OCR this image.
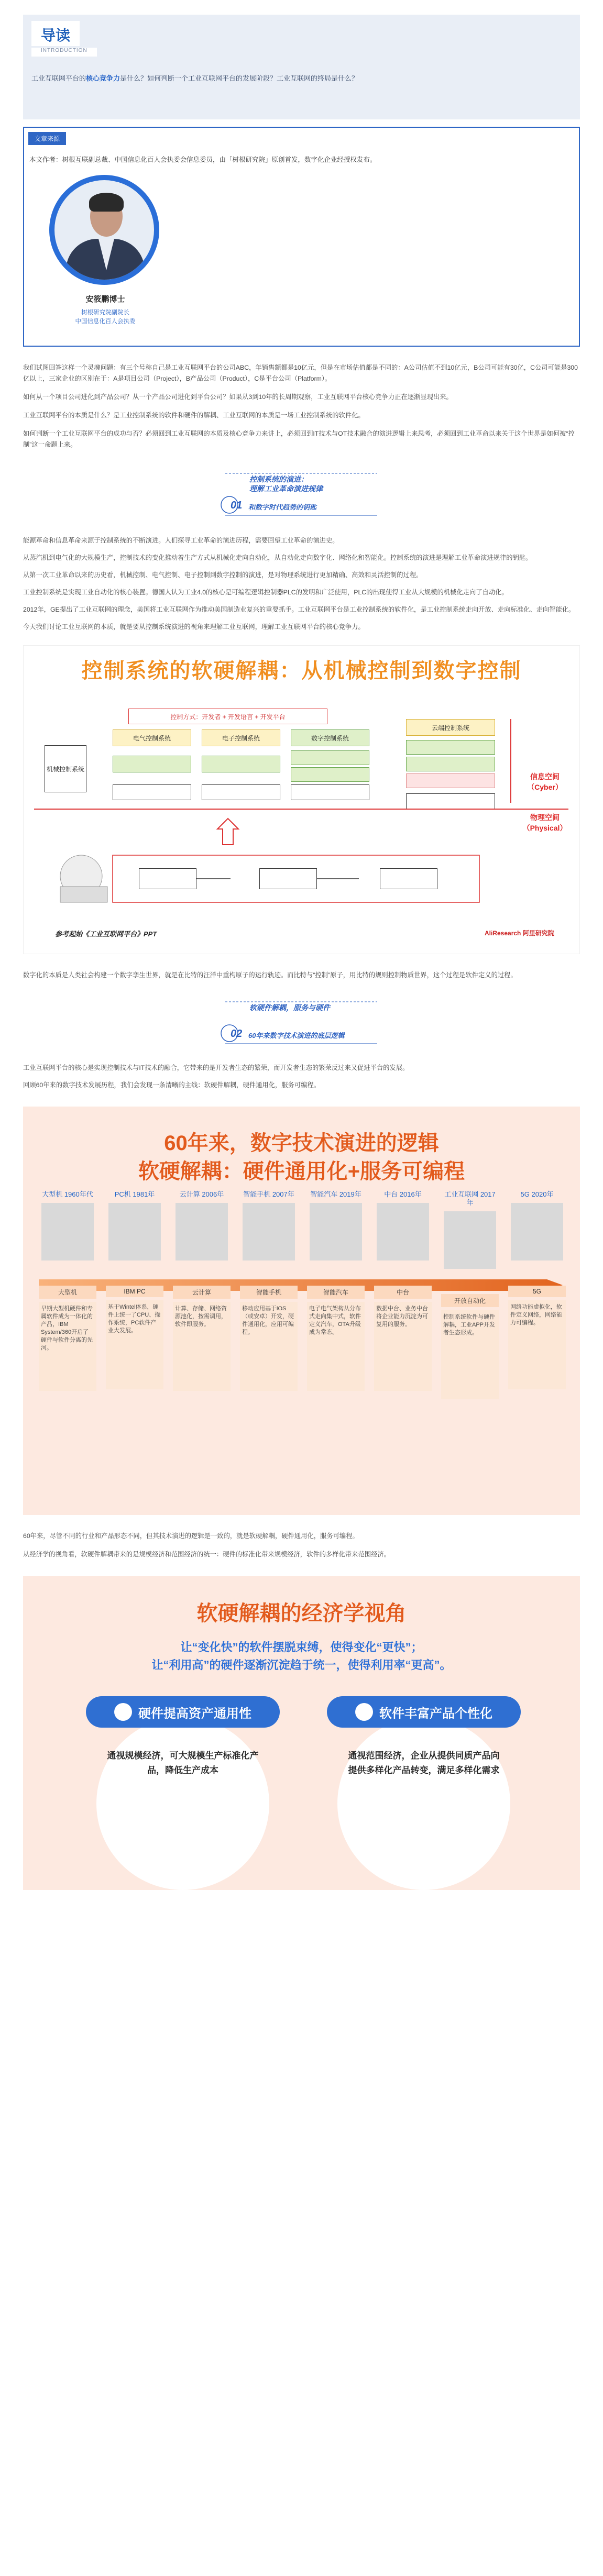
导读
INTRODUCTION
工业互联网平台的核心竞争力是什么？如何判断一个工业互联网平台的发展阶段？工业互联网的终局是什么？
文章来源
本文作者：树根互联副总裁、中国信息化百人会执委会信息委员，由「树根研究院」原创首发，数字化企业经授权发布。
安筱鹏博士
树根研究院副院长
中国信息化百人会执委

我们试图回答这样一个灵魂问题：有三个号称自己是工业互联网平台的公司ABC，年销售额都是10亿元，但是在市场估值都是不同的：A公司估值不到10亿元，B公司可能有30亿，C公司可能是300亿以上，三家企业的区别在于：A是项目公司（Project），B产品公司（Product），C是平台公司（Platform）。

如何从一个项目公司进化到产品公司？从一个产品公司进化到平台公司？如果从3到10年的长周期观察，工业互联网平台核心竞争力正在逐渐显现出来。

工业互联网平台的本质是什么？是工业控制系统的软件和硬件的解耦、工业互联网的本质是一场工业控制系统的软件化。

如何判断一个工业互联网平台的成功与否？必须回到工业互联网的本质及核心竞争力来讲上，必须回到IT技术与OT技术融合的演进逻辑上来思考，必须回到工业革命以来关于这个世界是如何被“控制”这一命题上来。

控制系统的演进：
理解工业革命演进规律
01 和数字时代趋势的钥匙

能源革命和信息革命来源于控制系统的不断演进。人们探寻工业革命的演进历程，需要回望工业革命的演进史。

从蒸汽机到电气化的大规模生产，控制技术的变化推动着生产方式从机械化走向自动化，从自动化走向数字化、网络化和智能化。控制系统的演进是理解工业革命演进规律的钥匙。

从第一次工业革命以来的历史看，机械控制、电气控制、电子控制到数字控制的演进，是对物理系统进行更加精确、高效和灵活控制的过程。

工业控制系统是实现工业自动化的核心装置。德国人认为工业4.0的核心是可编程逻辑控制器PLC的发明和广泛使用，PLC的出现使得工业从大规模的机械化走向了自动化。

2012年，GE提出了工业互联网的理念，美国将工业互联网作为推动美国制造业复兴的重要抓手。工业互联网平台是工业控制系统的软件化，是工业控制系统走向开放、走向标准化、走向智能化。

今天我们讨论工业互联网的本质，就是要从控制系统演进的视角来理解工业互联网，理解工业互联网平台的核心竞争力。

控制系统的软硬解耦：从机械控制到数字控制
控制方式：开发者 + 开发语言 + 开发平台
机械控制系统
电气控制系统	电子控制系统	数字控制系统
云端控制系统
信息空间（Cyber）
物理空间（Physical）
参考起始《工业互联网平台》PPT	AliResearch 阿里研究院

数字化的本质是人类社会构建一个数字孪生世界，就是在比特的汪洋中重构原子的运行轨迹。而比特与“控制”原子，用比特的规则控制物质世界，这个过程是软件定义的过程。

软硬件解耦，服务与硬件
02 60年来数字技术演进的底层逻辑

工业互联网平台的核心是实现控制技术与IT技术的融合，它带来的是开发者生态的繁荣，而开发者生态的繁荣反过来又促进平台的发展。

回顾60年来的数字技术发展历程，我们会发现一条清晰的主线：软硬件解耦，硬件通用化，服务可编程。

60年来，数字技术演进的逻辑
软硬解耦：硬件通用化+服务可编程
大型机 1960年代
大型机
早期大型机硬件和专属软件成为一体化的产品，IBM System/360开启了硬件与软件分离的先河。
PC机 1981年
IBM PC
基于Wintel体系，硬件上统一了CPU、操作系统，PC软件产业大发展。
云计算 2006年
云计算
计算、存储、网络资源池化，按需调用，软件即服务。
智能手机 2007年
智能手机
移动应用基于iOS（或安卓）开发，硬件通用化，应用可编程。
智能汽车 2019年
智能汽车
电子电气架构从分布式走向集中式，软件定义汽车，OTA升级成为常态。
中台 2016年
中台
数据中台、业务中台将企业能力沉淀为可复用的服务。
工业互联网 2017年
开放自动化
控制系统软件与硬件解耦，工业APP开发者生态形成。
5G 2020年
5G
网络功能虚拟化，软件定义网络，网络能力可编程。

60年来，尽管不同的行业和产品形态不同，但其技术演进的逻辑是一致的，就是软硬解耦，硬件通用化，服务可编程。

从经济学的视角看，软硬件解耦带来的是规模经济和范围经济的统一：硬件的标准化带来规模经济，软件的多样化带来范围经济。

软硬解耦的经济学视角
让“变化快”的软件摆脱束缚，使得变化“更快”；
让“利用高”的硬件逐渐沉淀趋于统一，使得利用率“更高”。
硬件提高资产通用性	软件丰富产品个性化
通视规模经济，可大规模生产标准化产品，降低生产成本
通视范围经济，企业从提供同质产品向提供多样化产品转变，满足多样化需求
